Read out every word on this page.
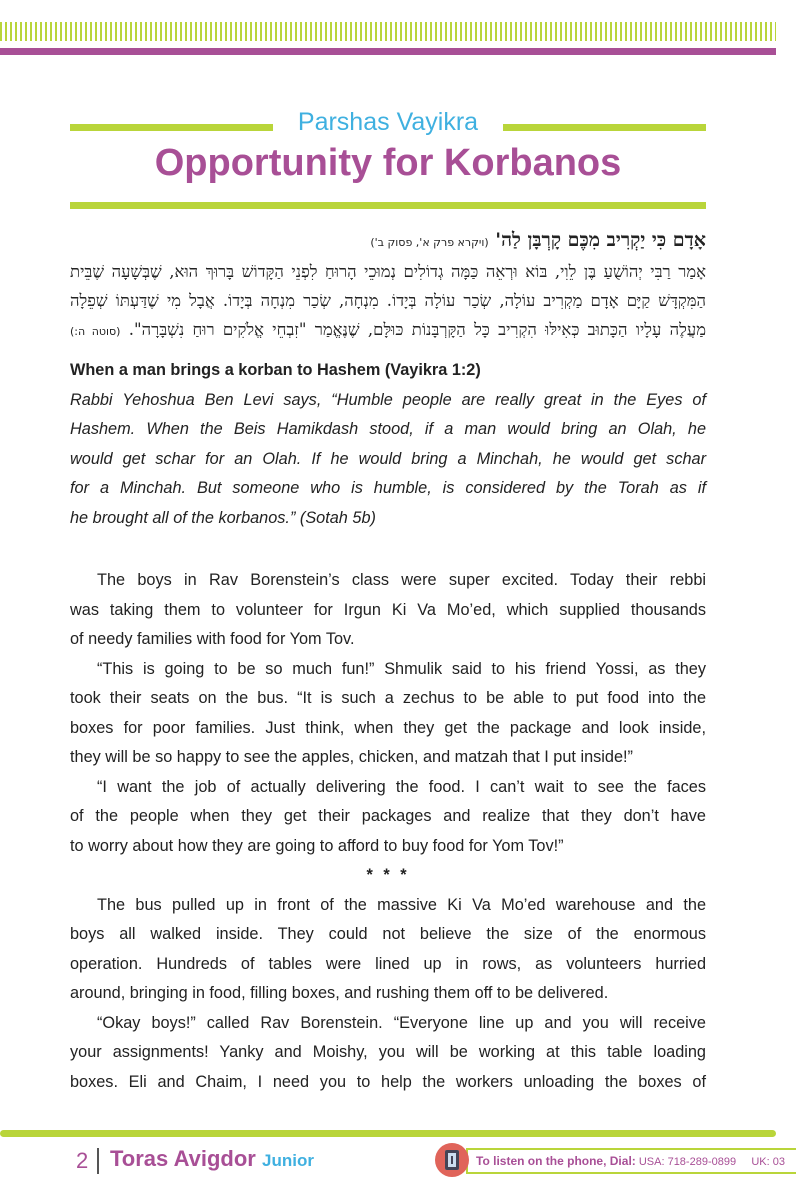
Parshas Vayikra
Opportunity for Korbanos
אָדָם כִּי יַקְרִיב מִכֶּם קָרְבָּן לַה' (ויקרא פרק א', פסוק ב')
אָמַר רַבִּי יְהוֹשֻׁעַ בֶּן לֵוִי, בּוֹא וּרְאֵה כַּמָּה גְדוֹלִים נְמוּכֵי הָרוּחַ לִפְנֵי הַקָּדוֹשׁ בָּרוּךְ הוּא, שֶׁבְּשָׁעָה שֶׁבֵּית
הַמִּקְדָּשׁ קַיָּם אָדָם מַקְרִיב עוֹלָה, שְׂכַר עוֹלָה בְּיָדוֹ. מִנְחָה, שְׂכַר מִנְחָה בְּיָדוֹ. אֲבָל מִי שֶׁדַּעְתּוֹ שְׁפֵלָה
מַעֲלֶה עָלָיו הַכָּתוּב כְּאִילּוּ הִקְרִיב כָּל הַקָּרְבָּנוֹת כּוּלָּם, שֶׁנֶּאֱמַר "זִבְחֵי אֱלֹקִים רוּחַ נִשְׁבָּרָה". (סוטה ה:)
When a man brings a korban to Hashem (Vayikra 1:2)
Rabbi Yehoshua Ben Levi says, “Humble people are really great in the Eyes of
Hashem. When the Beis Hamikdash stood, if a man would bring an Olah, he
would get schar for an Olah. If he would bring a Minchah, he would get schar
for a Minchah. But someone who is humble, is considered by the Torah as if
he brought all of the korbanos.” (Sotah 5b)
The boys in Rav Borenstein’s class were super excited. Today their rebbi
was taking them to volunteer for Irgun Ki Va Mo’ed, which supplied thousands
of needy families with food for Yom Tov.
“This is going to be so much fun!” Shmulik said to his friend Yossi, as they
took their seats on the bus. “It is such a zechus to be able to put food into the
boxes for poor families. Just think, when they get the package and look inside,
they will be so happy to see the apples, chicken, and matzah that I put inside!”
“I want the job of actually delivering the food. I can’t wait to see the faces
of the people when they get their packages and realize that they don’t have
to worry about how they are going to afford to buy food for Yom Tov!”
* * *
The bus pulled up in front of the massive Ki Va Mo’ed warehouse and the
boys all walked inside. They could not believe the size of the enormous
operation. Hundreds of tables were lined up in rows, as volunteers hurried
around, bringing in food, filling boxes, and rushing them off to be delivered.
“Okay boys!” called Rav Borenstein. “Everyone line up and you will receive
your assignments! Yanky and Moishy, you will be working at this table loading
boxes. Eli and Chaim, I need you to help the workers unloading the boxes of
2 Toras Avigdor Junior	To listen on the phone, Dial: USA: 718-289-0899 UK: 03
